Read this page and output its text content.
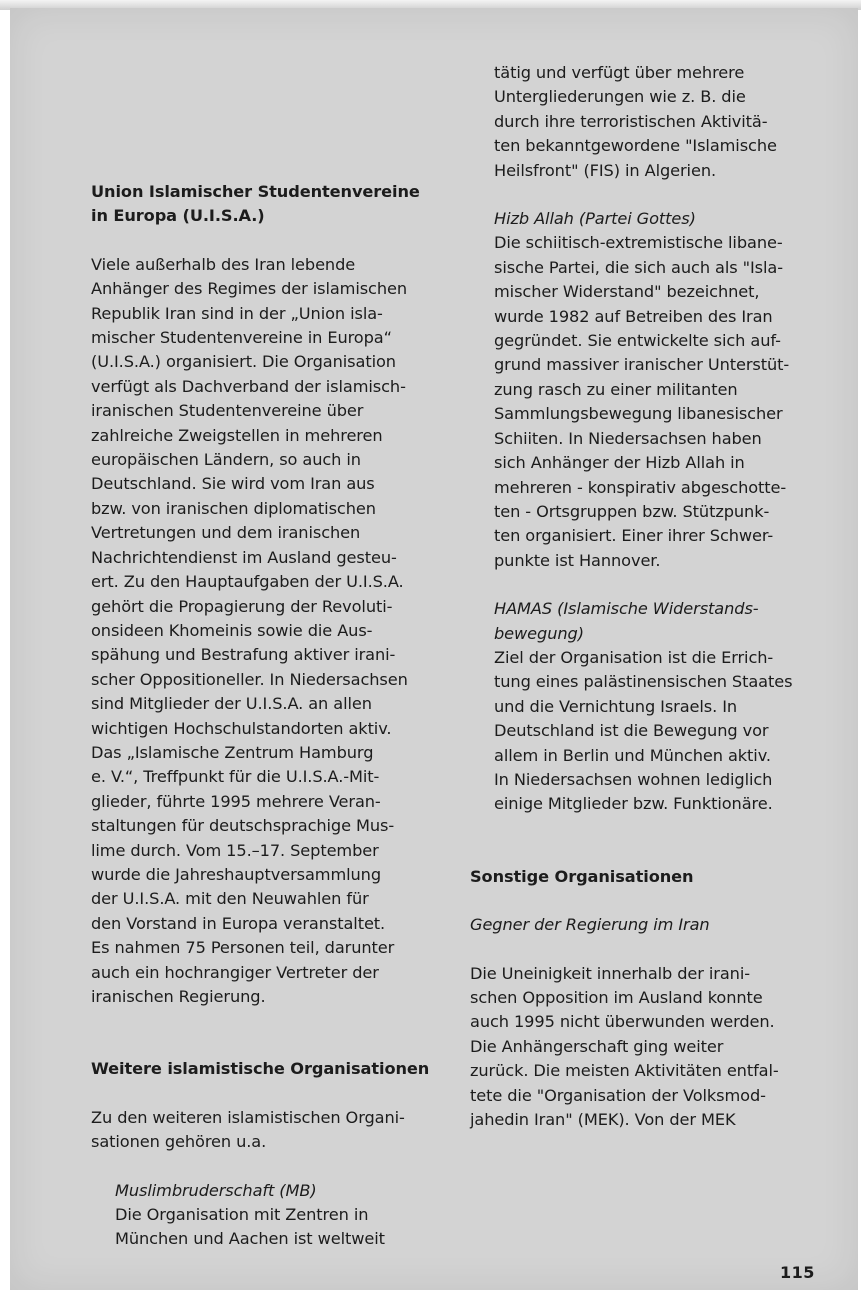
Union Islamischer Studentenvereine

in Europa (U.I.S.A.)

Viele außerhalb des Iran lebende

Anhänger des Regimes der islamischen

Republik Iran sind in der „Union isla-

mischer Studentenvereine in Europa“

(U.I.S.A.) organisiert. Die Organisation

verfügt als Dachverband der islamisch-

iranischen Studentenvereine über

zahlreiche Zweigstellen in mehreren

europäischen Ländern, so auch in

Deutschland. Sie wird vom Iran aus

bzw. von iranischen diplomatischen

Vertretungen und dem iranischen

Nachrichtendienst im Ausland gesteu-

ert. Zu den Hauptaufgaben der U.I.S.A.

gehört die Propagierung der Revoluti-

onsideen Khomeinis sowie die Aus-

spähung und Bestrafung aktiver irani-

scher Oppositioneller. In Niedersachsen

sind Mitglieder der U.I.S.A. an allen

wichtigen Hochschulstandorten aktiv.

Das „Islamische Zentrum Hamburg

e. V.“, Treffpunkt für die U.I.S.A.-Mit-

glieder, führte 1995 mehrere Veran-

staltungen für deutschsprachige Mus-

lime durch. Vom 15.–17. September

wurde die Jahreshauptversammlung

der U.I.S.A. mit den Neuwahlen für

den Vorstand in Europa veranstaltet.

Es nahmen 75 Personen teil, darunter

auch ein hochrangiger Vertreter der

iranischen Regierung.

Weitere islamistische Organisationen

Zu den weiteren islamistischen Organi-

sationen gehören u.a.

Muslimbruderschaft (MB)

Die Organisation mit Zentren in

München und Aachen ist weltweit

tätig und verfügt über mehrere

Untergliederungen wie z. B. die

durch ihre terroristischen Aktivitä-

ten bekanntgewordene "Islamische

Heilsfront" (FIS) in Algerien.

Hizb Allah (Partei Gottes)

Die schiitisch-extremistische libane-

sische Partei, die sich auch als "Isla-

mischer Widerstand" bezeichnet,

wurde 1982 auf Betreiben des Iran

gegründet. Sie entwickelte sich auf-

grund massiver iranischer Unterstüt-

zung rasch zu einer militanten

Sammlungsbewegung libanesischer

Schiiten. In Niedersachsen haben

sich Anhänger der Hizb Allah in

mehreren - konspirativ abgeschotte-

ten - Ortsgruppen bzw. Stützpunk-

ten organisiert. Einer ihrer Schwer-

punkte ist Hannover.

HAMAS (Islamische Widerstands-

bewegung)

Ziel der Organisation ist die Errich-

tung eines palästinensischen Staates

und die Vernichtung Israels. In

Deutschland ist die Bewegung vor

allem in Berlin und München aktiv.

In Niedersachsen wohnen lediglich

einige Mitglieder bzw. Funktionäre.

Sonstige Organisationen

Gegner der Regierung im Iran

Die Uneinigkeit innerhalb der irani-

schen Opposition im Ausland konnte

auch 1995 nicht überwunden werden.

Die Anhängerschaft ging weiter

zurück. Die meisten Aktivitäten entfal-

tete die "Organisation der Volksmod-

jahedin Iran" (MEK). Von der MEK

115
